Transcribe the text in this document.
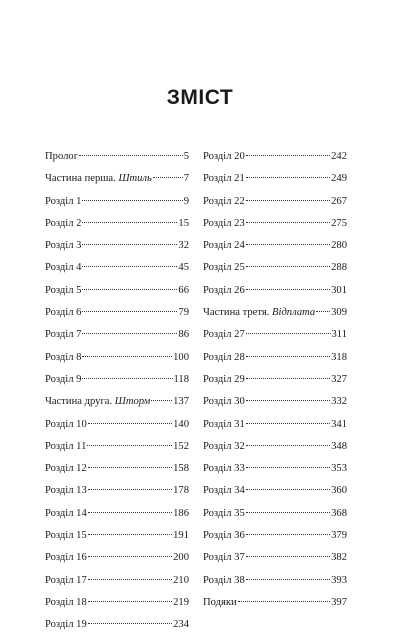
ЗМІСТ
Пролог	5
Частина перша. Штиль	7
Розділ 1	9
Розділ 2	15
Розділ 3	32
Розділ 4	45
Розділ 5	66
Розділ 6	79
Розділ 7	86
Розділ 8	100
Розділ 9	118
Частина друга. Шторм 137
Розділ 10	140
Розділ 11	152
Розділ 12	158
Розділ 13	178
Розділ 14	186
Розділ 15	191
Розділ 16	200
Розділ 17	210
Розділ 18	219
Розділ 19	234
Розділ 20	242
Розділ 21	249
Розділ 22	267
Розділ 23	275
Розділ 24	280
Розділ 25	288
Розділ 26	301
Частина третя. Відплата 309
Розділ 27	311
Розділ 28	318
Розділ 29	327
Розділ 30	332
Розділ 31	341
Розділ 32	348
Розділ 33	353
Розділ 34	360
Розділ 35	368
Розділ 36	379
Розділ 37	382
Розділ 38	393
Подяки	397
